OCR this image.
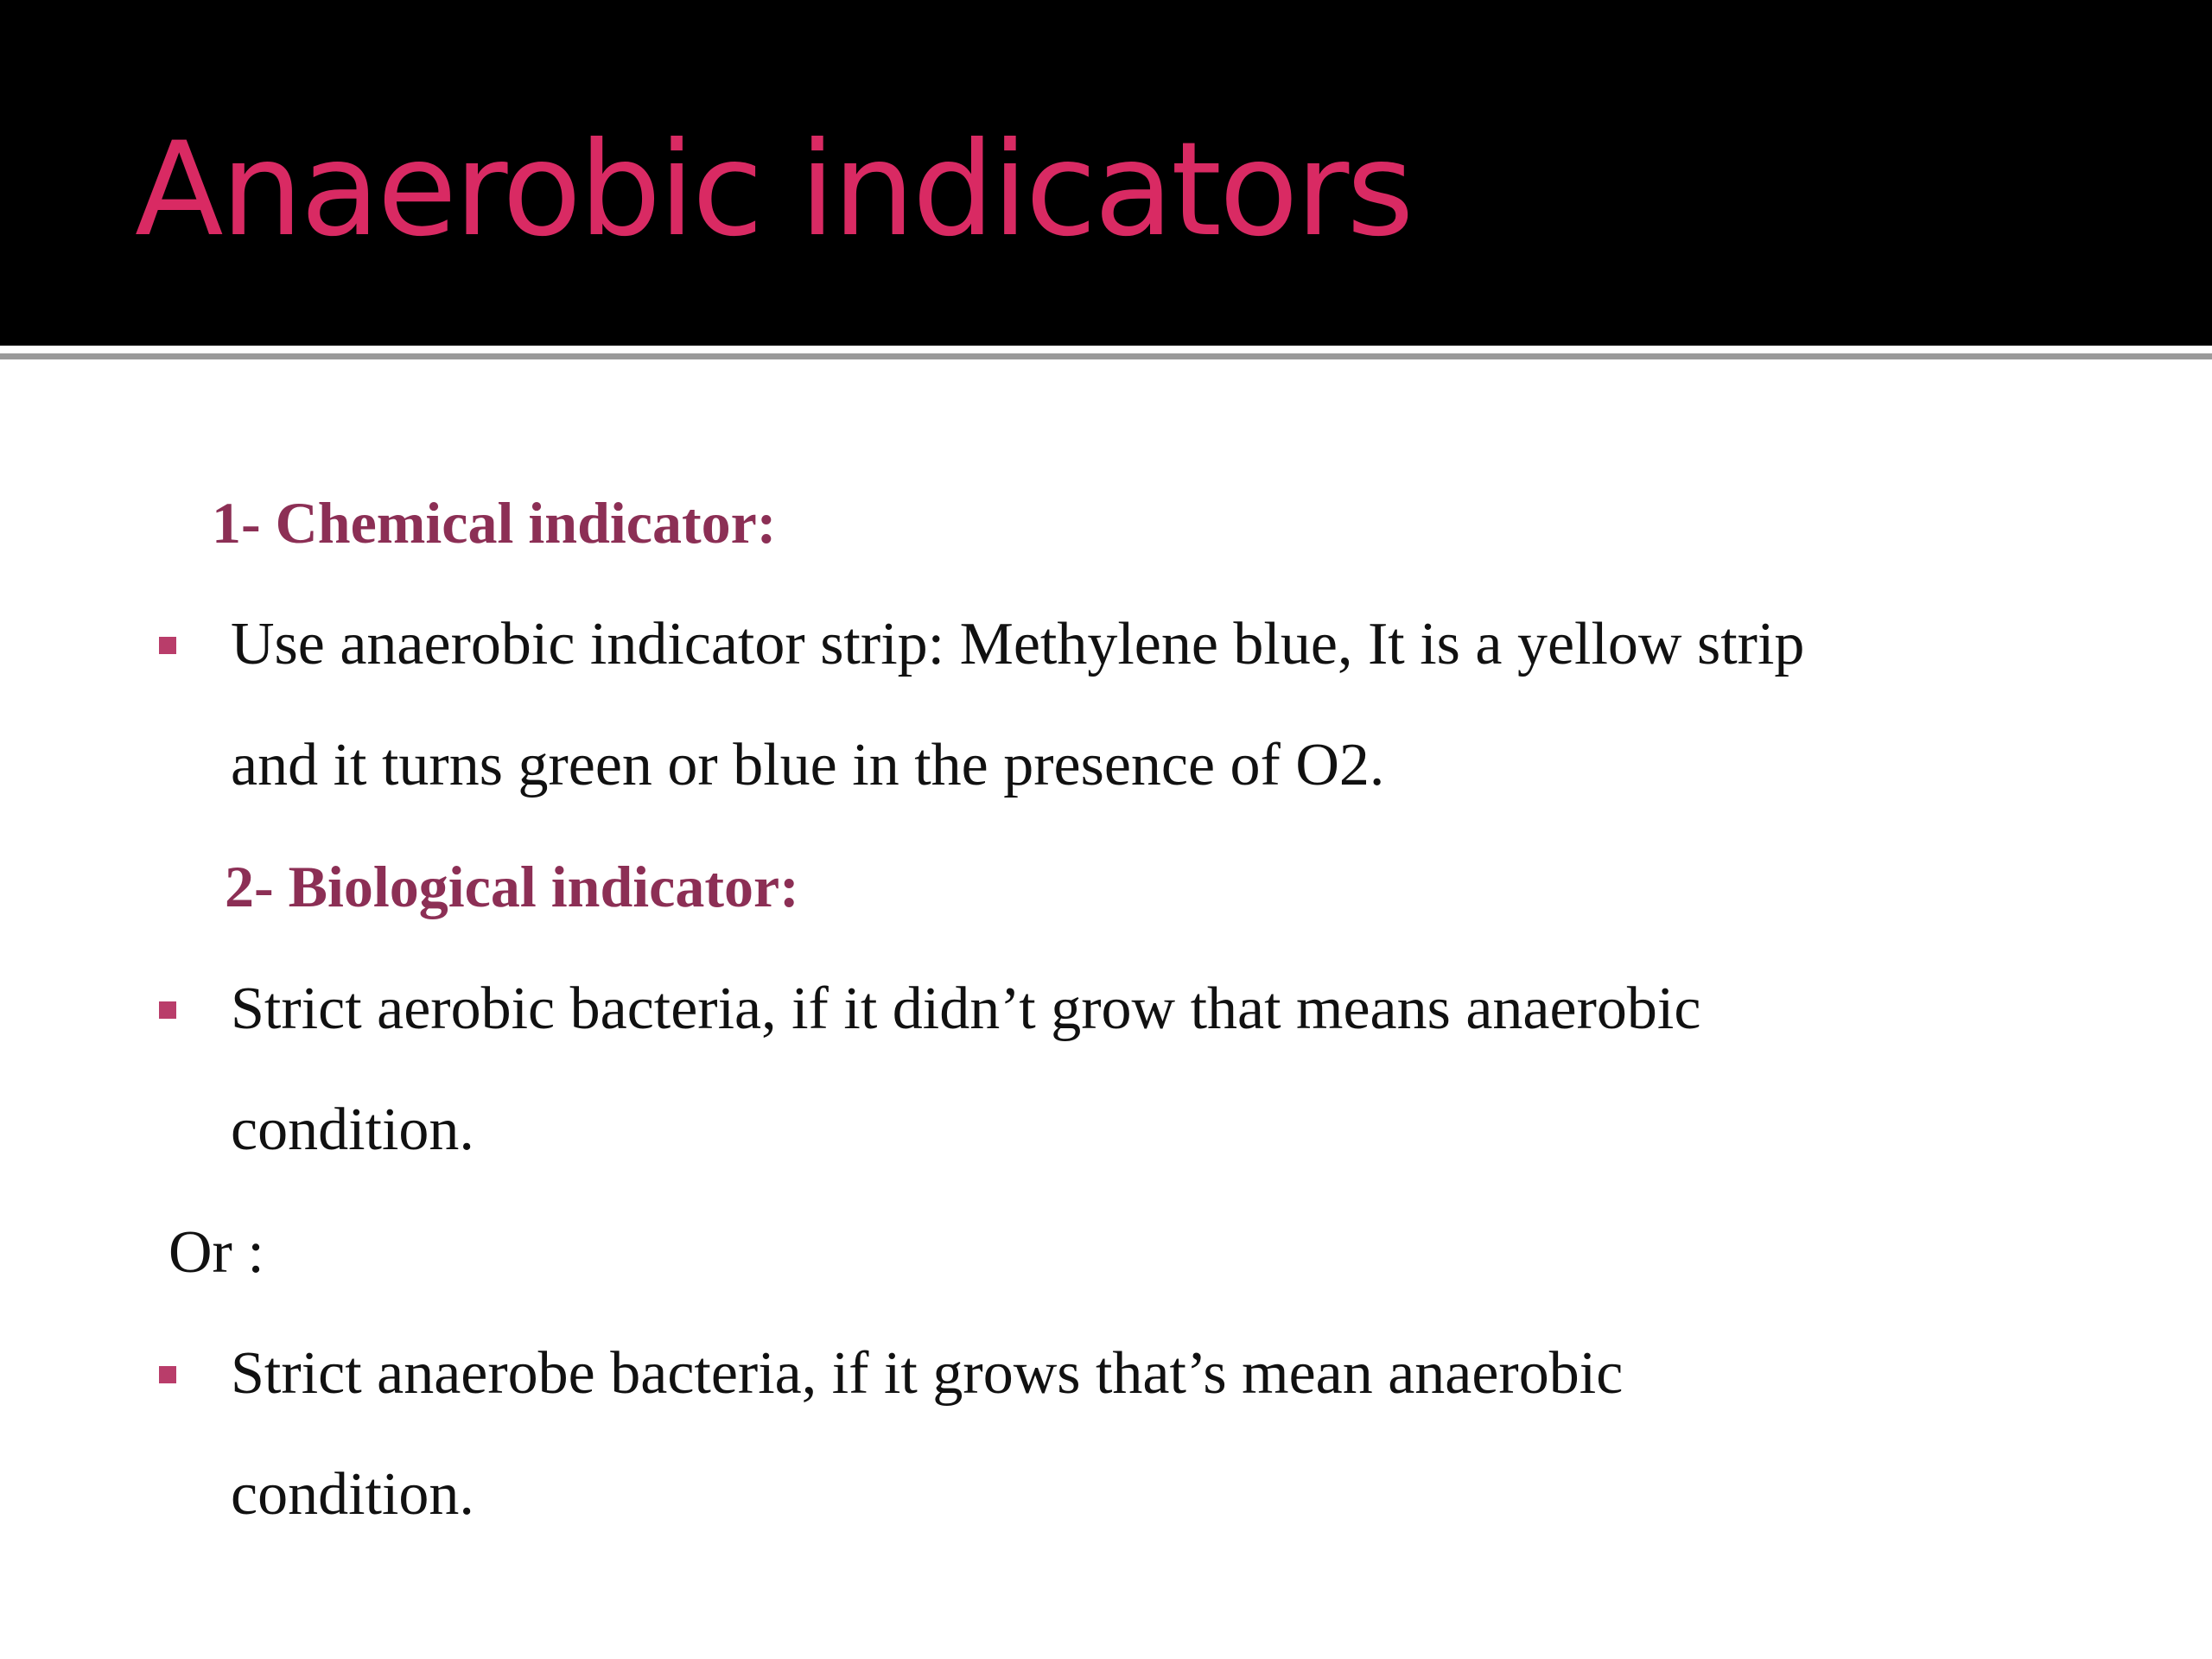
Anaerobic indicators
1- Chemical indicator:
Use anaerobic indicator strip: Methylene blue, It is a yellow strip
and it turns green or blue in the presence of O2.
2- Biological indicator:
Strict aerobic bacteria, if it didn’t grow that means anaerobic
condition.
Or :
Strict anaerobe bacteria, if it grows that’s mean anaerobic
condition.
